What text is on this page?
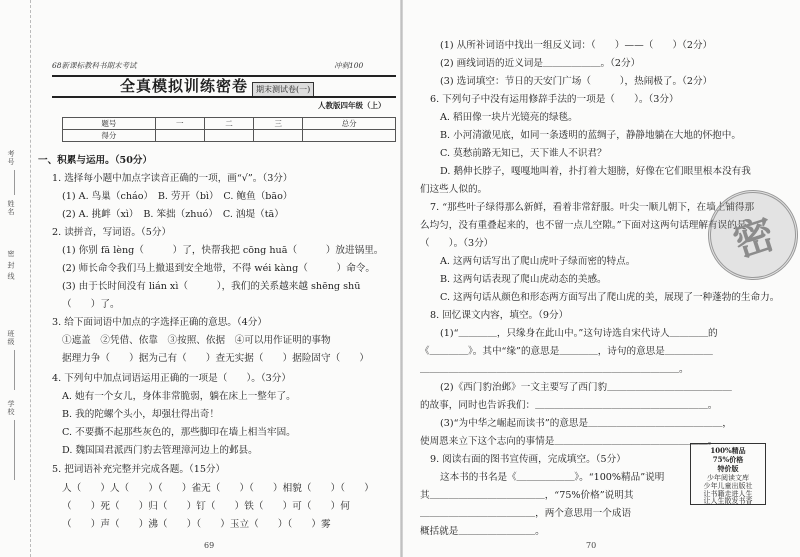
学校
班级
密 封 线
姓名
考号
68新课标教科书期末考试	冲刺100
全真模拟训练密卷 期末测试卷(一)
人教版四年级（上）
题号	一	二	三	总分
得分				
一、积累与运用。（50分）
1. 选择每小题中加点字读音正确的一项，画“√”。（3分）
(1) A. 鸟巢（cháo）　B. 劳开（bì）　C. 鲍鱼（bāo）
(2) A. 挑衅（xì）　B. 笨拙（zhuó）　C. 汹堤（tā）
2. 读拼音，写词语。（5分）
(1) 你别 fā lèng（　　　）了，快帮我把 cōng huā（　　　）放进锅里。
(2) 师长命令我们马上撤退到安全地带，不得 wéi kàng（　　　）命令。
(3) 由于长时间没有 lián xì（　　　），我们的关系越来越 shēng shū
（　　）了。
3. 给下面词语中加点的字选择正确的意思。（4分）
①遮盖　②凭借、依靠　③按照、依据　④可以用作证明的事物
据理力争（　　）据为己有（　　）查无实据（　　）据险固守（　　）
4. 下列句中加点词语运用正确的一项是（　　）。（3分）
A. 她有一个女儿，身体非常脆弱，躺在床上一整年了。
B. 我的陀螺个头小，却强壮得出奇！
C. 不要撕不起那些灰色的，那些脚印在墙上相当牢固。
D. 魏国国君派西门豹去管理漳河边上的邺县。
5. 把词语补充完整并完成各题。（15分）
人（　　）人（　　）（　　）雀无（　　）（　　）相貌（　　）（　　）
（　　）死（　　）归（　　）钉（　　）铁（　　）可（　　）何
（　　）声（　　）沸（　　）（　　）玉立（　　）（　　）雾
69
(1) 从所补词语中找出一组反义词：（　　）——（　　）（2分）
(2) 画线词语的近义词是＿＿＿＿＿＿。（2分）
(3) 选词填空：节日的天安门广场（　　　），热闹极了。（2分）
6. 下列句子中没有运用修辞手法的一项是（　　）。（3分）
A. 稻田像一块片光镜亮的绿毯。
B. 小河清澈见底，如同一条透明的蓝绸子，静静地躺在大地的怀抱中。
C. 莫愁前路无知已，天下谁人不识君？
D. 鹅伸长脖子，嘎嘎地叫着，扑打着大翅膀，好像在它们眼里根本没有我
们这些人似的。
7. “那些叶子绿得那么新鲜，看着非常舒服。叶尖一顺儿朝下，在墙上铺得那
么均匀，没有重叠起来的，也不留一点儿空隙。”下面对这两句话理解有误的是
（　　）。（3分）
A. 这两句话写出了爬山虎叶子绿而密的特点。
B. 这两句话表现了爬山虎动态的美感。
C. 这两句话从颜色和形态两方面写出了爬山虎的美，展现了一种蓬勃的生命力。
8. 回忆课文内容，填空。（9分）
(1)“＿＿＿＿，只缘身在此山中。”这句诗选自宋代诗人＿＿＿＿的
《＿＿＿＿》。其中“缘”的意思是＿＿＿＿，诗句的意思是＿＿＿＿＿
＿＿＿＿＿＿＿＿＿＿＿＿＿＿＿＿＿＿＿＿＿＿＿＿＿＿＿。
(2)《西门豹治邺》一文主要写了西门豹＿＿＿＿＿＿＿＿＿＿＿＿＿
的故事，同时也告诉我们：＿＿＿＿＿＿＿＿＿＿＿＿＿＿＿＿＿＿。
(3)“为中华之崛起而读书”的意思是＿＿＿＿＿＿＿＿＿＿＿＿＿＿，
使周恩来立下这个志向的事情是＿＿＿＿＿＿＿＿＿＿＿＿＿＿＿＿。
9. 阅读右面的图书宣传画，完成填空。（5分）
这本书的书名是《＿＿＿＿＿＿》。“100%精品”说明
其＿＿＿＿＿＿＿＿＿＿＿＿，“75%价格”说明其
＿＿＿＿＿＿＿＿＿＿＿＿，两个意思用一个成语
概括就是＿＿＿＿＿＿＿＿。
100%精品
75%价格
特价版
少年阅读文库
少年儿童出版社
让书籍走进人生
让人生散发书香
密
70
